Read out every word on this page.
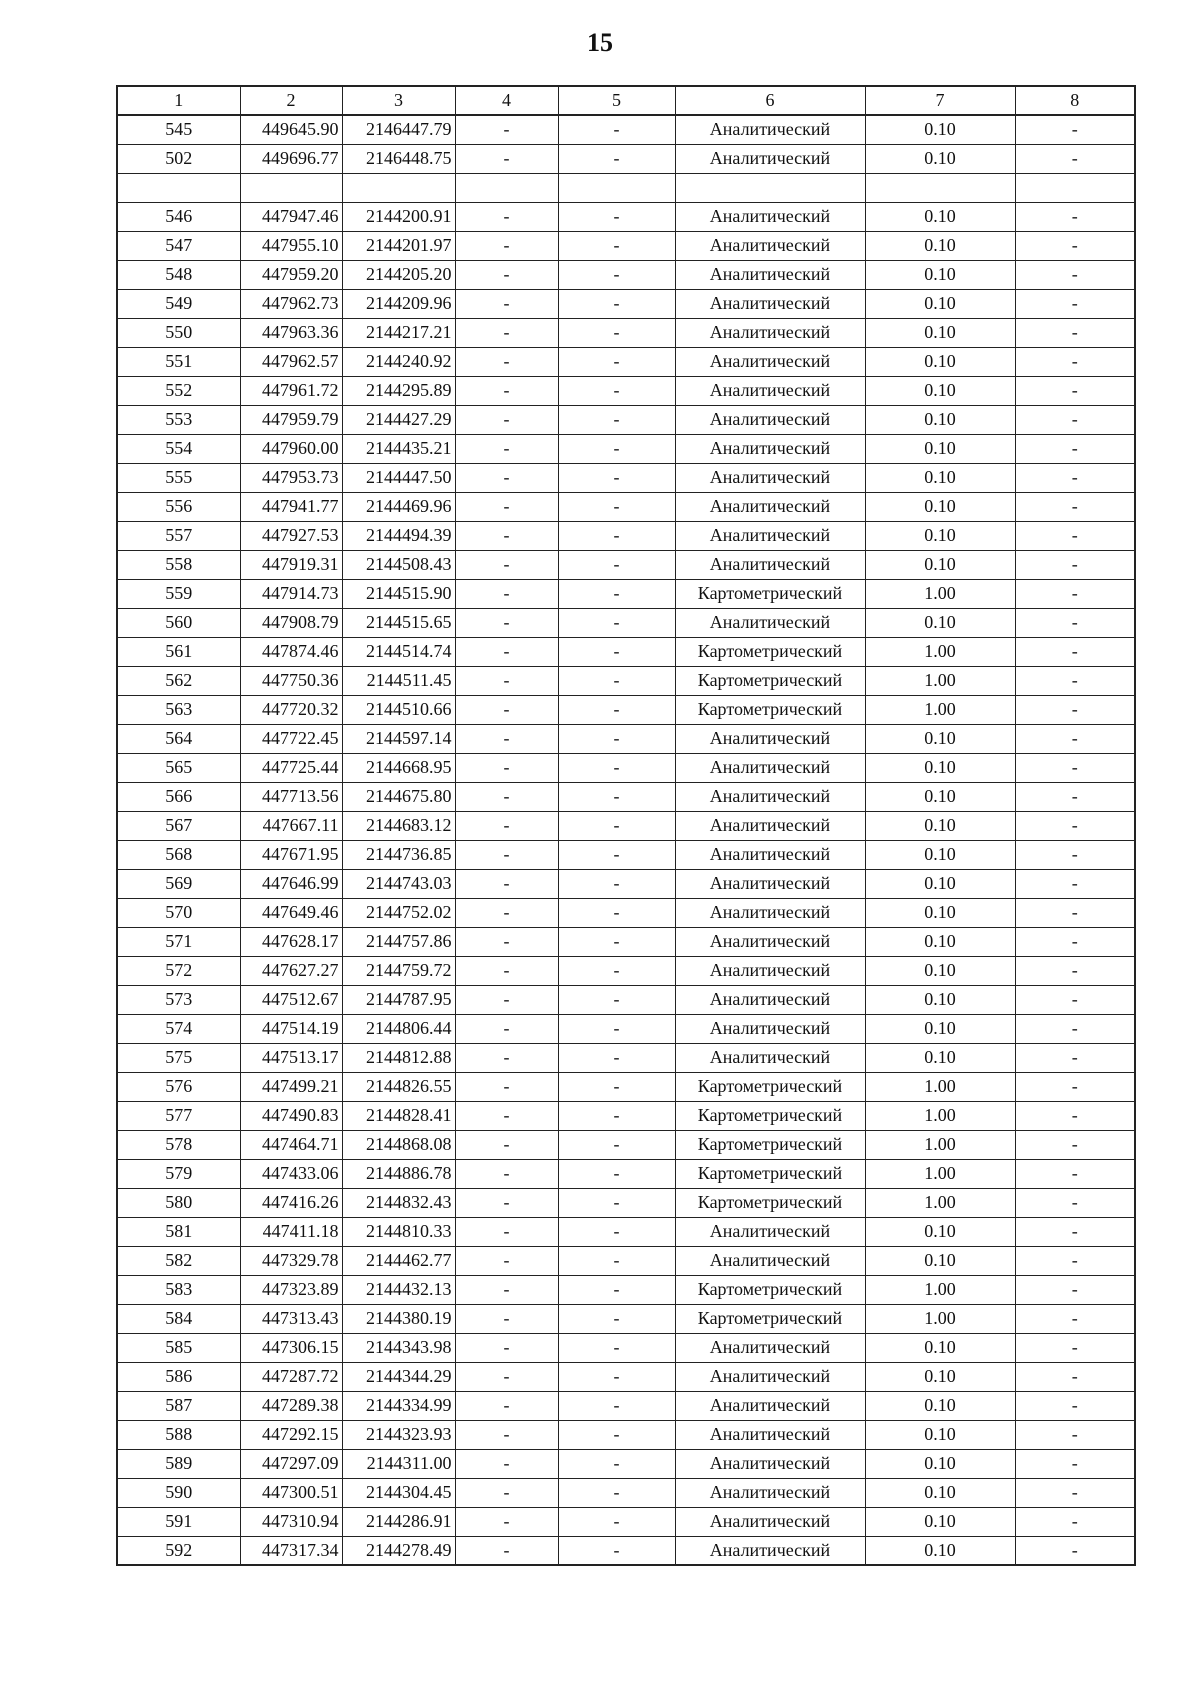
15
1	2	3	4	5	6	7	8
545	449645.90	2146447.79	-	-	Аналитический	0.10	-
502	449696.77	2146448.75	-	-	Аналитический	0.10	-

546	447947.46	2144200.91	-	-	Аналитический	0.10	-
547	447955.10	2144201.97	-	-	Аналитический	0.10	-
548	447959.20	2144205.20	-	-	Аналитический	0.10	-
549	447962.73	2144209.96	-	-	Аналитический	0.10	-
550	447963.36	2144217.21	-	-	Аналитический	0.10	-
551	447962.57	2144240.92	-	-	Аналитический	0.10	-
552	447961.72	2144295.89	-	-	Аналитический	0.10	-
553	447959.79	2144427.29	-	-	Аналитический	0.10	-
554	447960.00	2144435.21	-	-	Аналитический	0.10	-
555	447953.73	2144447.50	-	-	Аналитический	0.10	-
556	447941.77	2144469.96	-	-	Аналитический	0.10	-
557	447927.53	2144494.39	-	-	Аналитический	0.10	-
558	447919.31	2144508.43	-	-	Аналитический	0.10	-
559	447914.73	2144515.90	-	-	Картометрический	1.00	-
560	447908.79	2144515.65	-	-	Аналитический	0.10	-
561	447874.46	2144514.74	-	-	Картометрический	1.00	-
562	447750.36	2144511.45	-	-	Картометрический	1.00	-
563	447720.32	2144510.66	-	-	Картометрический	1.00	-
564	447722.45	2144597.14	-	-	Аналитический	0.10	-
565	447725.44	2144668.95	-	-	Аналитический	0.10	-
566	447713.56	2144675.80	-	-	Аналитический	0.10	-
567	447667.11	2144683.12	-	-	Аналитический	0.10	-
568	447671.95	2144736.85	-	-	Аналитический	0.10	-
569	447646.99	2144743.03	-	-	Аналитический	0.10	-
570	447649.46	2144752.02	-	-	Аналитический	0.10	-
571	447628.17	2144757.86	-	-	Аналитический	0.10	-
572	447627.27	2144759.72	-	-	Аналитический	0.10	-
573	447512.67	2144787.95	-	-	Аналитический	0.10	-
574	447514.19	2144806.44	-	-	Аналитический	0.10	-
575	447513.17	2144812.88	-	-	Аналитический	0.10	-
576	447499.21	2144826.55	-	-	Картометрический	1.00	-
577	447490.83	2144828.41	-	-	Картометрический	1.00	-
578	447464.71	2144868.08	-	-	Картометрический	1.00	-
579	447433.06	2144886.78	-	-	Картометрический	1.00	-
580	447416.26	2144832.43	-	-	Картометрический	1.00	-
581	447411.18	2144810.33	-	-	Аналитический	0.10	-
582	447329.78	2144462.77	-	-	Аналитический	0.10	-
583	447323.89	2144432.13	-	-	Картометрический	1.00	-
584	447313.43	2144380.19	-	-	Картометрический	1.00	-
585	447306.15	2144343.98	-	-	Аналитический	0.10	-
586	447287.72	2144344.29	-	-	Аналитический	0.10	-
587	447289.38	2144334.99	-	-	Аналитический	0.10	-
588	447292.15	2144323.93	-	-	Аналитический	0.10	-
589	447297.09	2144311.00	-	-	Аналитический	0.10	-
590	447300.51	2144304.45	-	-	Аналитический	0.10	-
591	447310.94	2144286.91	-	-	Аналитический	0.10	-
592	447317.34	2144278.49	-	-	Аналитический	0.10	-
